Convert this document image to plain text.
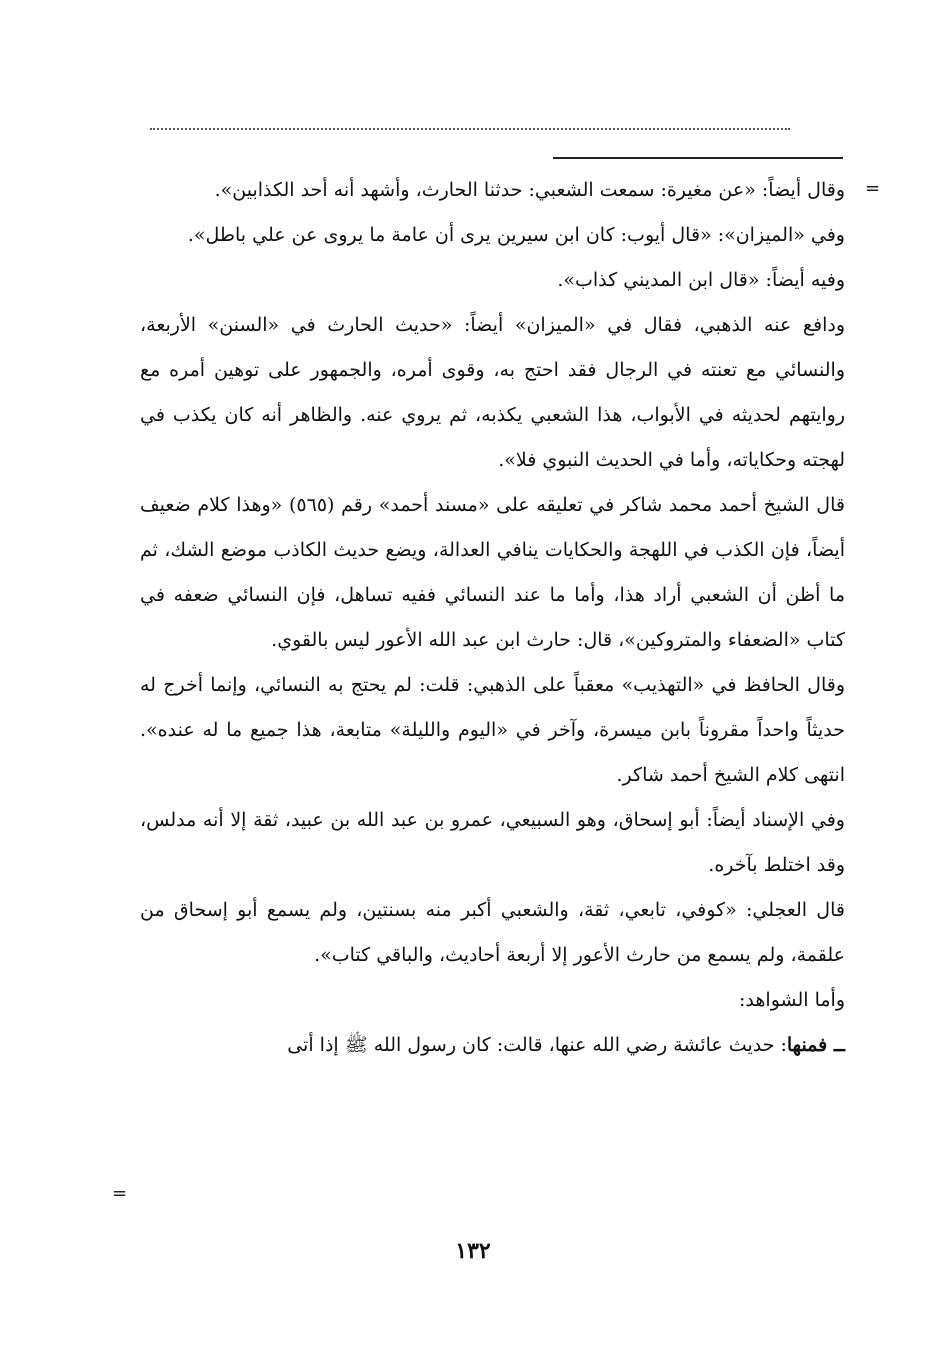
=
=

وقال أيضاً: «عن مغيرة: سمعت الشعبي: حدثنا الحارث، وأشهد أنه أحد الكذابين».

وفي «الميزان»: «قال أيوب: كان ابن سيرين يرى أن عامة ما يروى عن علي باطل».

وفيه أيضاً: «قال ابن المديني كذاب».

ودافع عنه الذهبي، فقال في «الميزان» أيضاً: «حديث الحارث في «السنن» الأربعة، والنسائي مع تعنته في الرجال فقد احتج به، وقوى أمره، والجمهور على توهين أمره مع روايتهم لحديثه في الأبواب، هذا الشعبي يكذبه، ثم يروي عنه. والظاهر أنه كان يكذب في لهجته وحكاياته، وأما في الحديث النبوي فلا».

قال الشيخ أحمد محمد شاكر في تعليقه على «مسند أحمد» رقم (٥٦٥) «وهذا كلام ضعيف أيضاً، فإن الكذب في اللهجة والحكايات ينافي العدالة، ويضع حديث الكاذب موضع الشك، ثم ما أظن أن الشعبي أراد هذا، وأما ما عند النسائي ففيه تساهل، فإن النسائي ضعفه في كتاب «الضعفاء والمتروكين»، قال: حارث ابن عبد الله الأعور ليس بالقوي.

وقال الحافظ في «التهذيب» معقباً على الذهبي: قلت: لم يحتج به النسائي، وإنما أخرج له حديثاً واحداً مقروناً بابن ميسرة، وآخر في «اليوم والليلة» متابعة، هذا جميع ما له عنده». انتهى كلام الشيخ أحمد شاكر.

وفي الإسناد أيضاً: أبو إسحاق، وهو السبيعي، عمرو بن عبد الله بن عبيد، ثقة إلا أنه مدلس، وقد اختلط بآخره.

قال العجلي: «كوفي، تابعي، ثقة، والشعبي أكبر منه بسنتين، ولم يسمع أبو إسحاق من علقمة، ولم يسمع من حارث الأعور إلا أربعة أحاديث، والباقي كتاب».

وأما الشواهد:

ــ فمنها: حديث عائشة رضي الله عنها، قالت: كان رسول الله ﷺ إذا أتى

١٣٢
